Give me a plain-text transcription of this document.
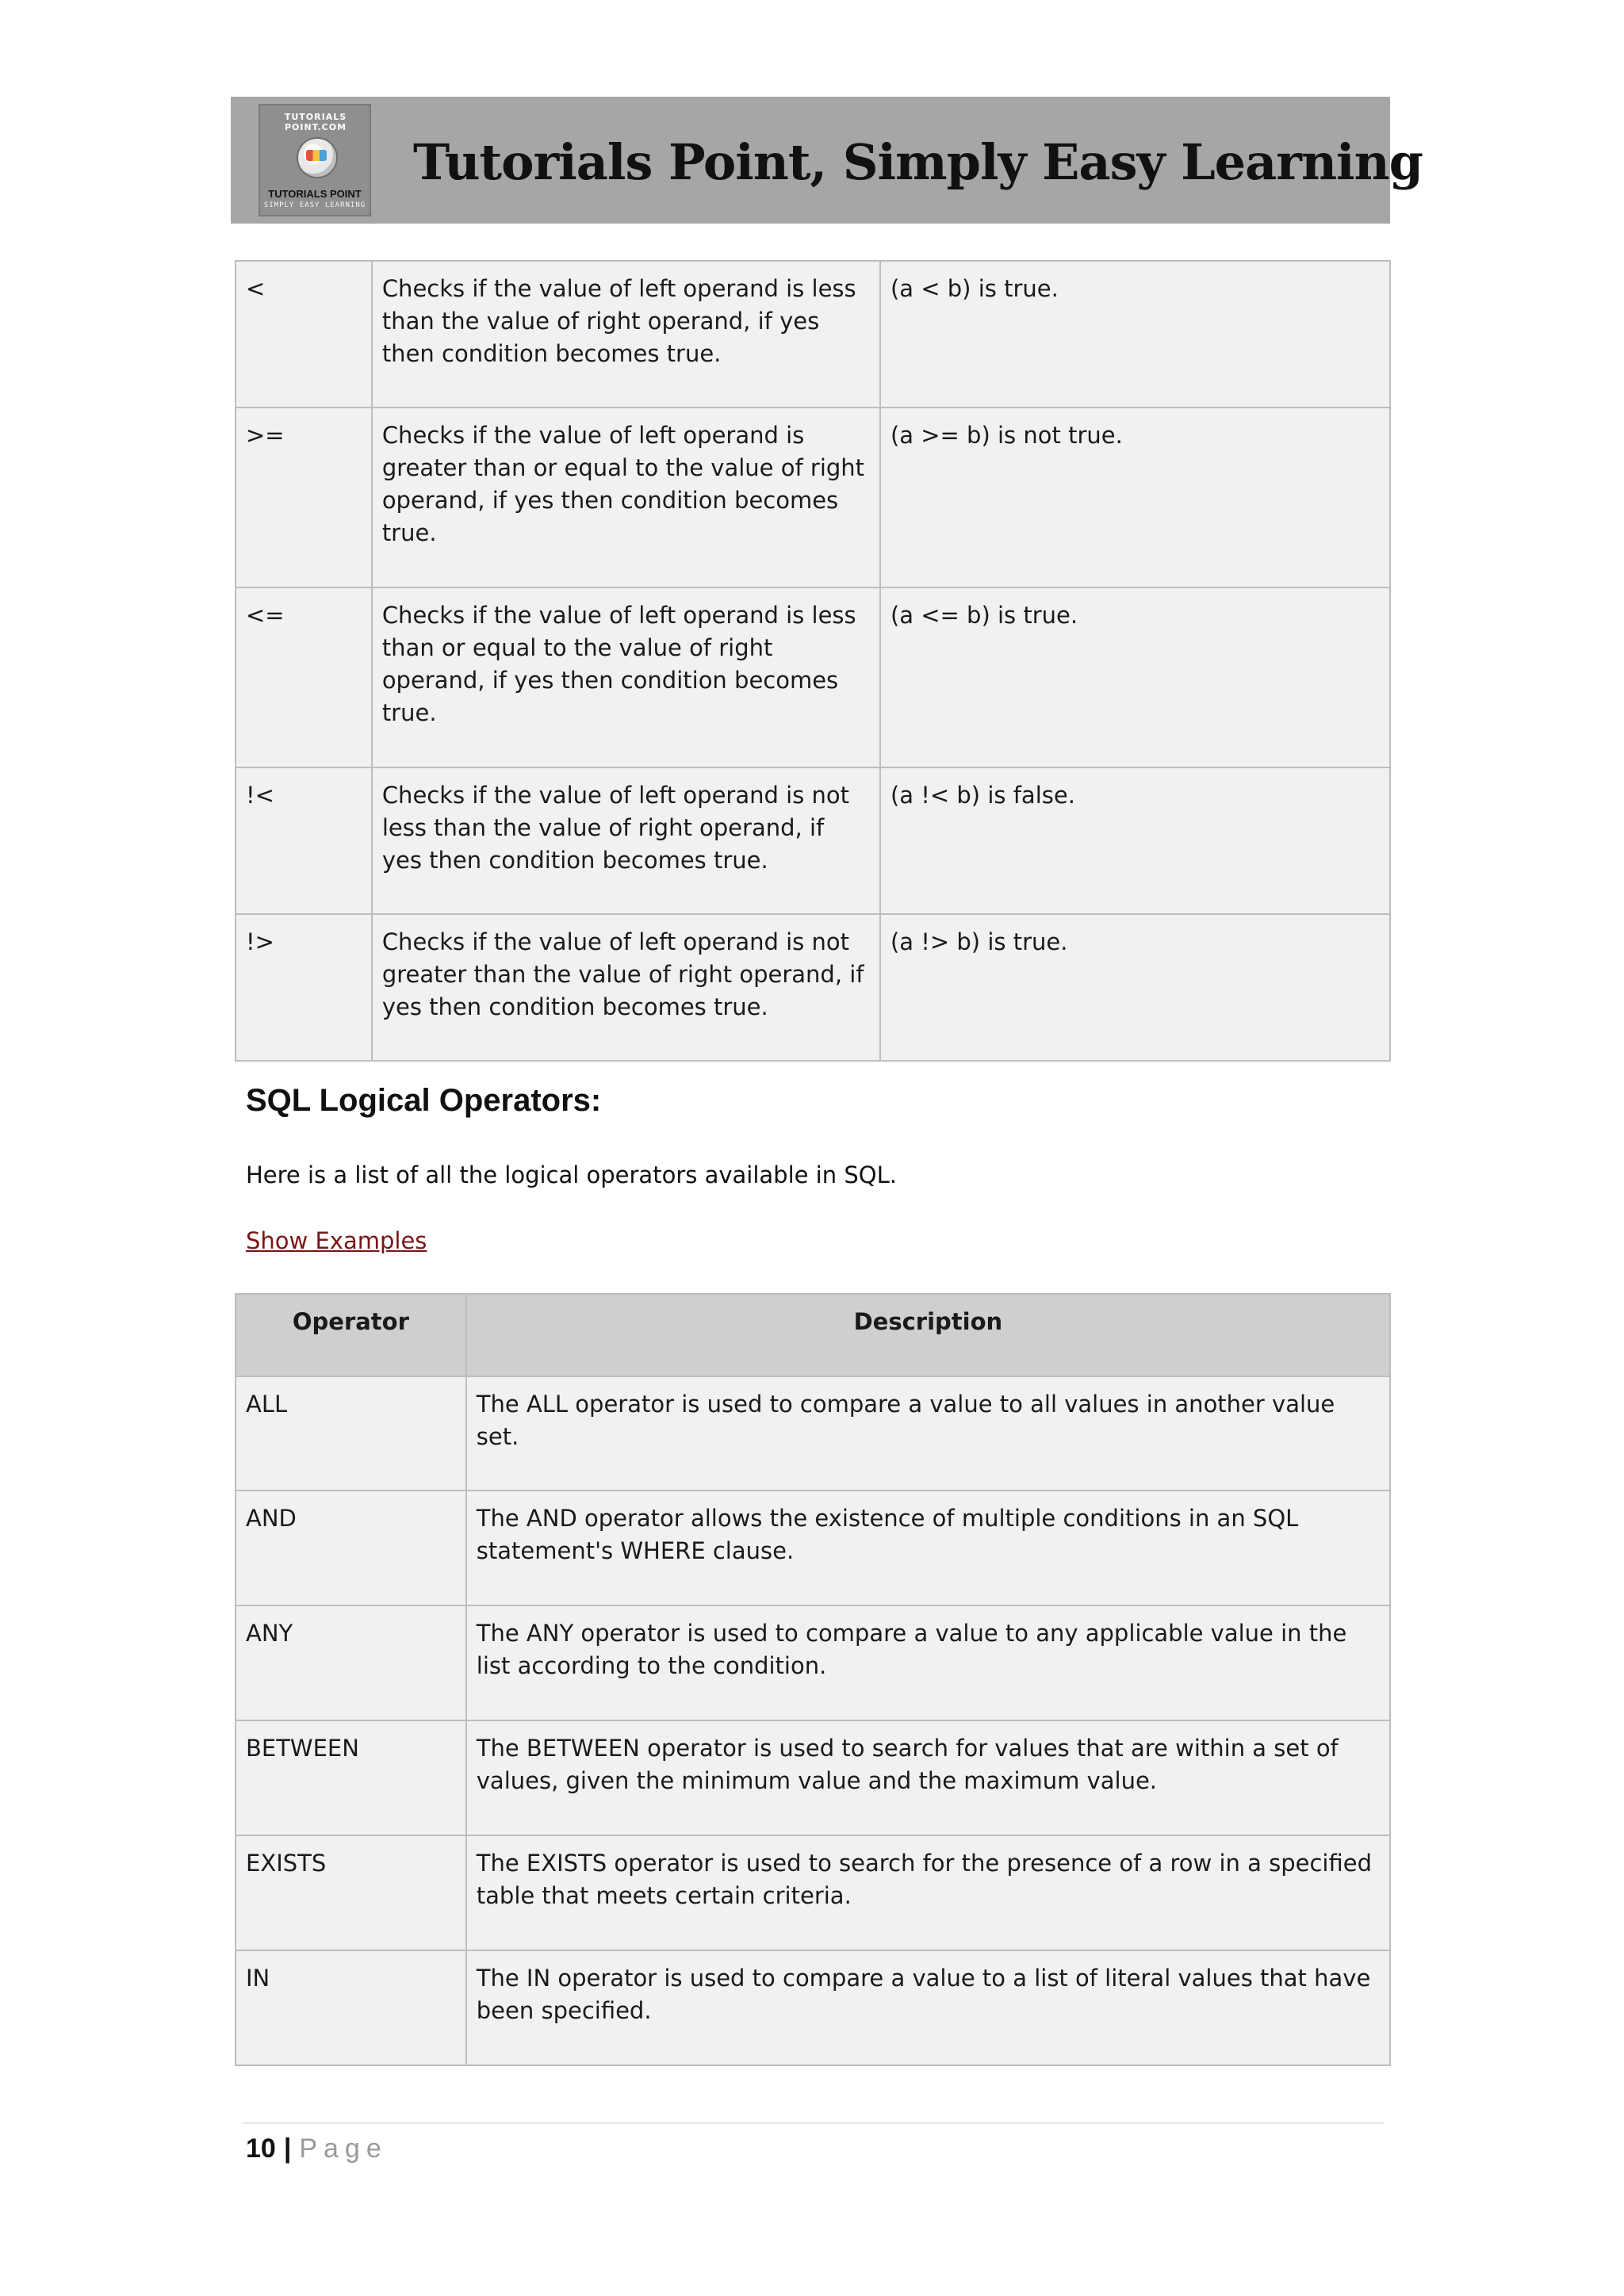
TUTORIALS POINT.COM
TUTORIALS POINT
SIMPLY EASY LEARNING
Tutorials Point, Simply Easy Learning
<	Checks if the value of left operand is less than the value of right operand, if yes then condition becomes true.	(a < b) is true.
>=	Checks if the value of left operand is greater than or equal to the value of right operand, if yes then condition becomes true.	(a >= b) is not true.
<=	Checks if the value of left operand is less than or equal to the value of right operand, if yes then condition becomes true.	(a <= b) is true.
!<	Checks if the value of left operand is not less than the value of right operand, if yes then condition becomes true.	(a !< b) is false.
!>	Checks if the value of left operand is not greater than the value of right operand, if yes then condition becomes true.	(a !> b) is true.
SQL Logical Operators:
Here is a list of all the logical operators available in SQL.
Show Examples
Operator	Description
ALL	The ALL operator is used to compare a value to all values in another value set.
AND	The AND operator allows the existence of multiple conditions in an SQL statement's WHERE clause.
ANY	The ANY operator is used to compare a value to any applicable value in the list according to the condition.
BETWEEN	The BETWEEN operator is used to search for values that are within a set of values, given the minimum value and the maximum value.
EXISTS	The EXISTS operator is used to search for the presence of a row in a specified table that meets certain criteria.
IN	The IN operator is used to compare a value to a list of literal values that have been specified.
10 | Page
